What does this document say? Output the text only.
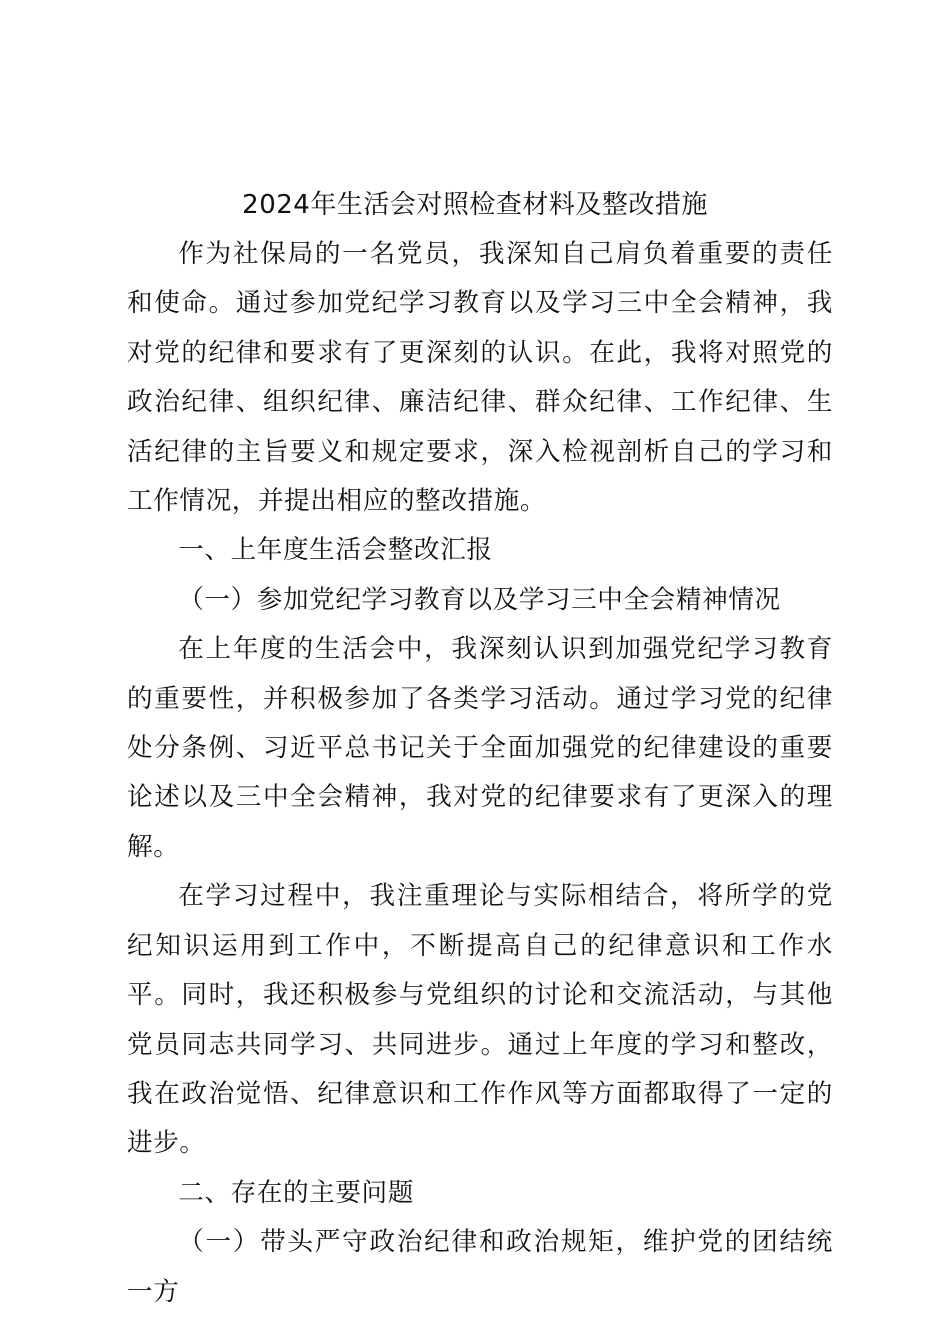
2024年生活会对照检查材料及整改措施

作为社保局的一名党员，我深知自己肩负着重要的责任和使命。通过参加党纪学习教育以及学习三中全会精神，我对党的纪律和要求有了更深刻的认识。在此，我将对照党的政治纪律、组织纪律、廉洁纪律、群众纪律、工作纪律、生活纪律的主旨要义和规定要求，深入检视剖析自己的学习和工作情况，并提出相应的整改措施。

一、上年度生活会整改汇报

（一）参加党纪学习教育以及学习三中全会精神情况

在上年度的生活会中，我深刻认识到加强党纪学习教育的重要性，并积极参加了各类学习活动。通过学习党的纪律处分条例、习近平总书记关于全面加强党的纪律建设的重要论述以及三中全会精神，我对党的纪律要求有了更深入的理解。

在学习过程中，我注重理论与实际相结合，将所学的党纪知识运用到工作中，不断提高自己的纪律意识和工作水平。同时，我还积极参与党组织的讨论和交流活动，与其他党员同志共同学习、共同进步。通过上年度的学习和整改，我在政治觉悟、纪律意识和工作作风等方面都取得了一定的进步。

二、存在的主要问题

（一）带头严守政治纪律和政治规矩，维护党的团结统一方
